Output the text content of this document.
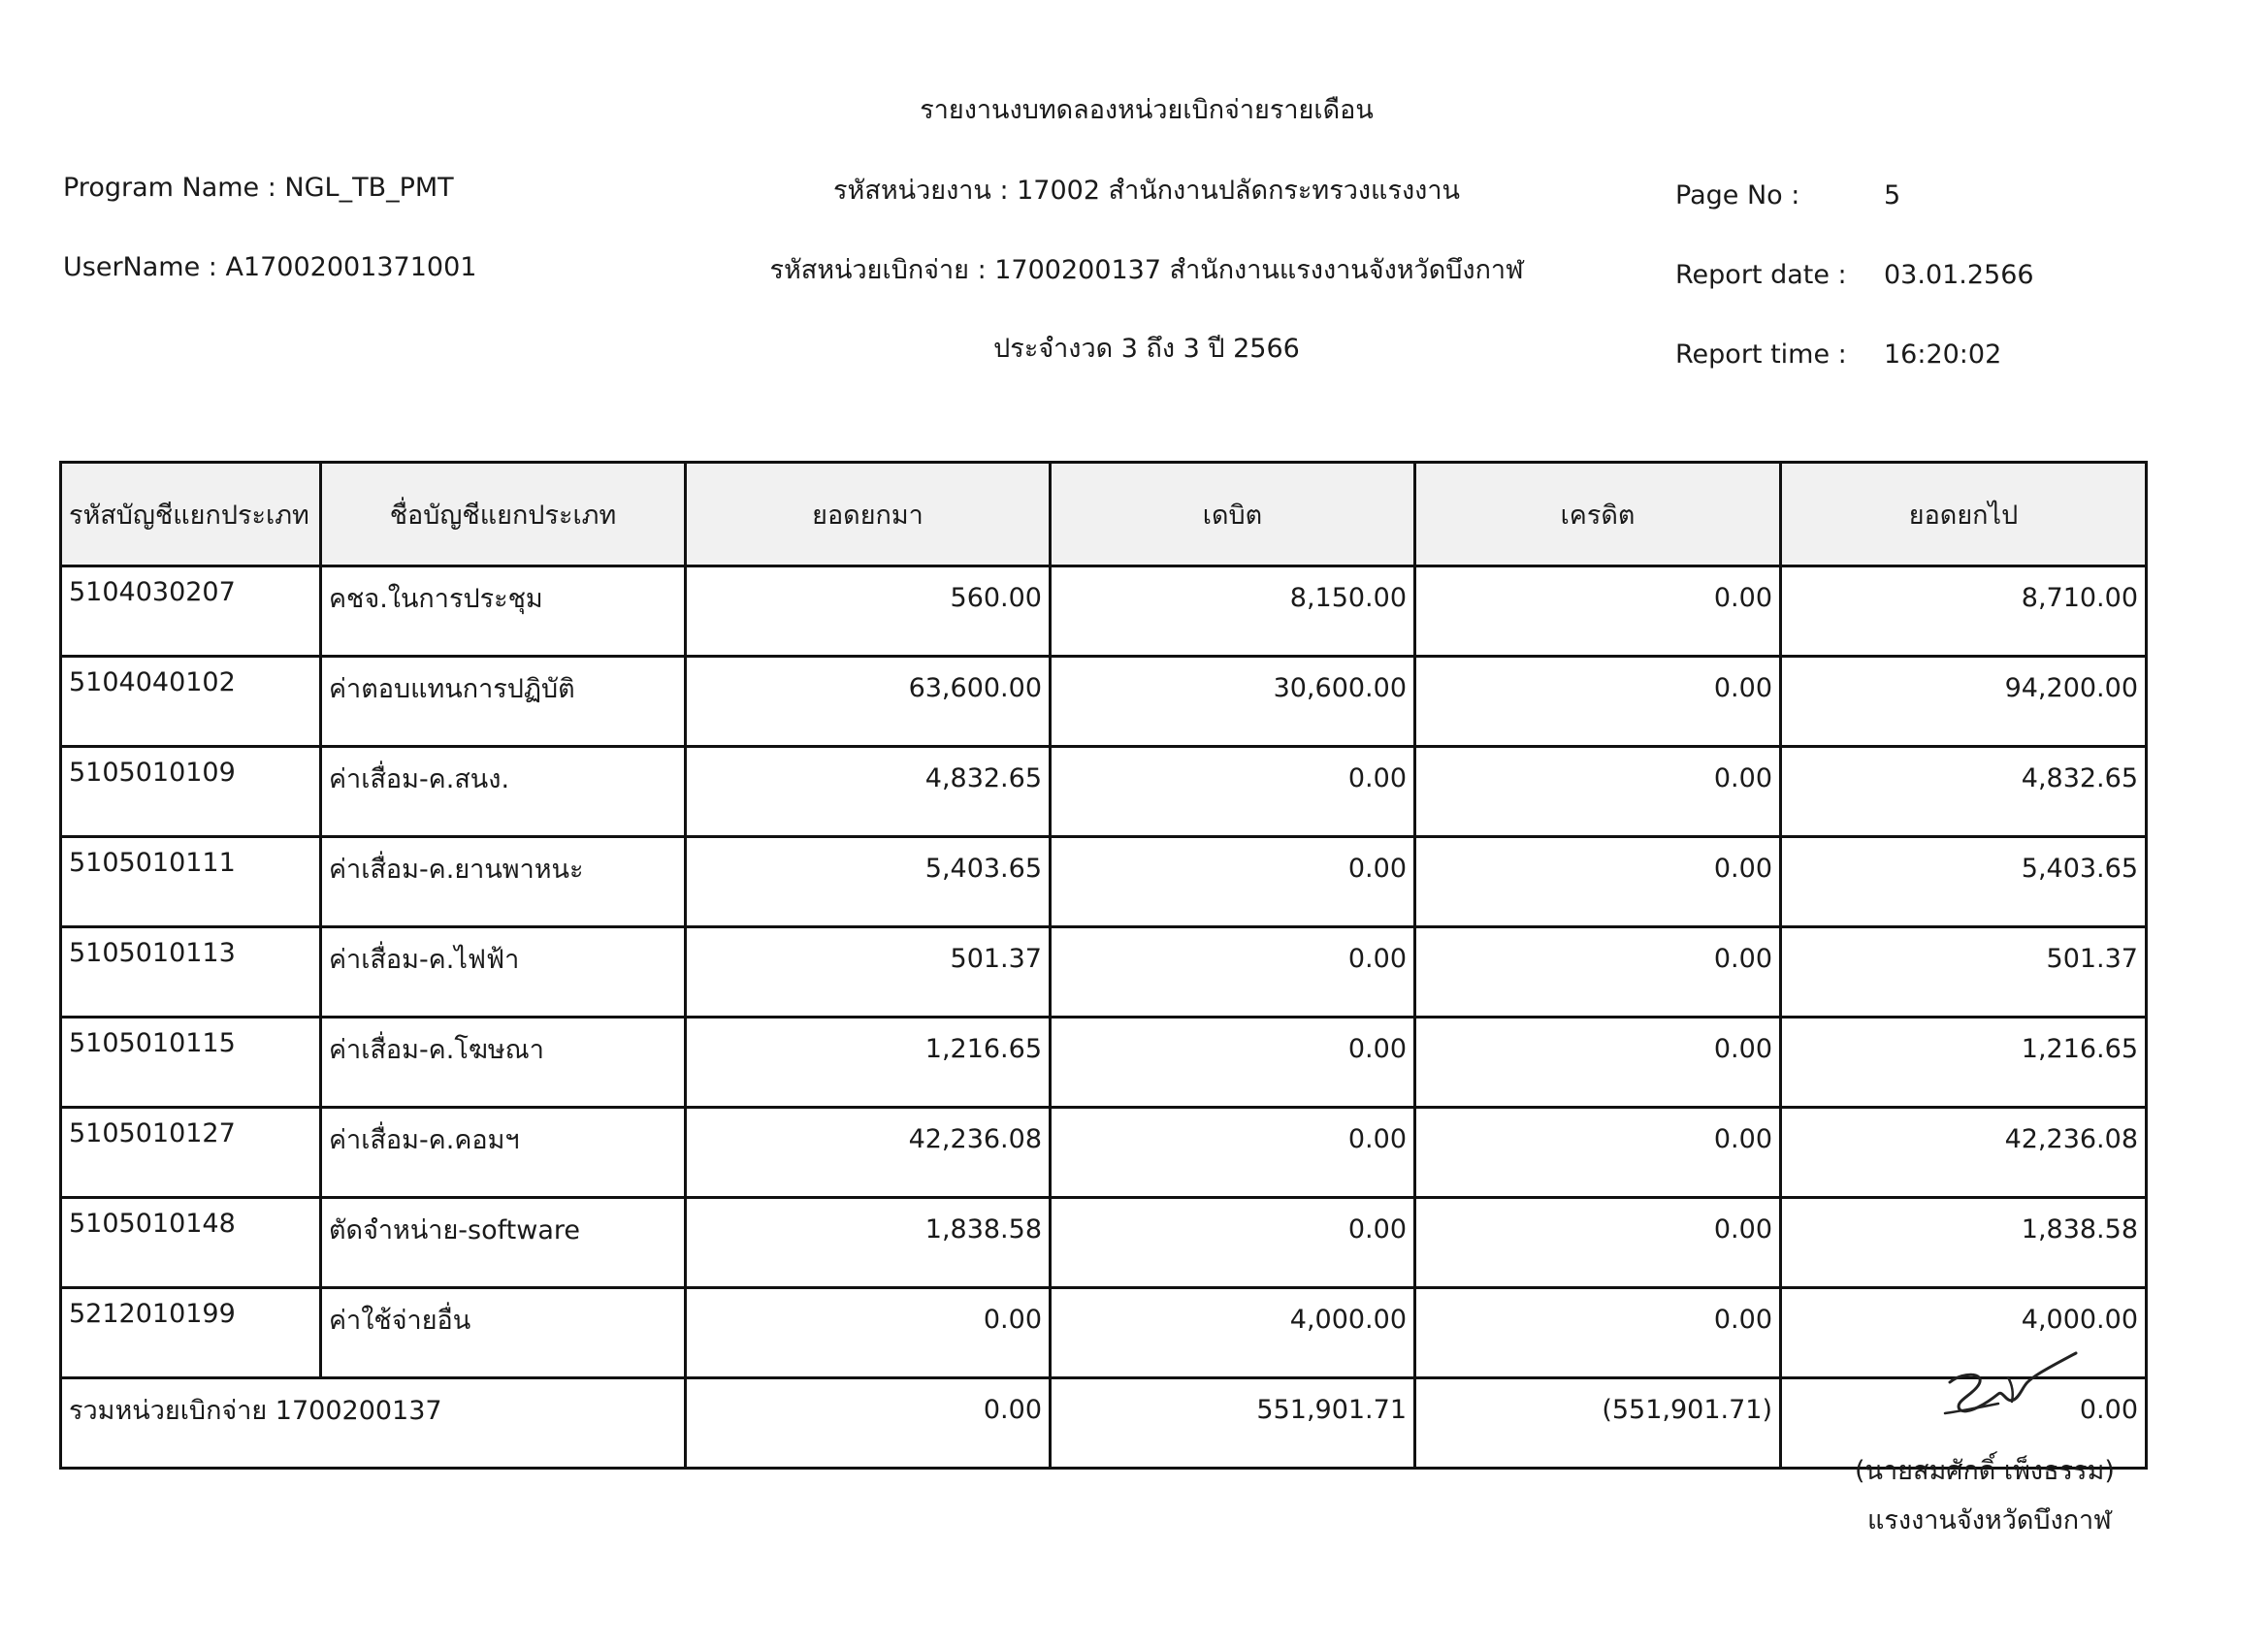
รายงานงบทดลองหน่วยเบิกจ่ายรายเดือน
Program Name : NGL_TB_PMT	รหัสหน่วยงาน : 17002 สำนักงานปลัดกระทรวงแรงงาน	Page No :	5
UserName : A17002001371001	รหัสหน่วยเบิกจ่าย : 1700200137 สำนักงานแรงงานจังหวัดบึงกาฬ	Report date : 03.01.2566
ประจำงวด 3 ถึง 3 ปี 2566	Report time : 16:20:02
รหัสบัญชีแยกประเภท	ชื่อบัญชีแยกประเภท	ยอดยกมา	เดบิต	เครดิต	ยอดยกไป
5104030207	คชจ.ในการประชุม	560.00	8,150.00	0.00	8,710.00
5104040102	ค่าตอบแทนการปฏิบัติ	63,600.00	30,600.00	0.00	94,200.00
5105010109	ค่าเสื่อม-ค.สนง.	4,832.65	0.00	0.00	4,832.65
5105010111	ค่าเสื่อม-ค.ยานพาหนะ	5,403.65	0.00	0.00	5,403.65
5105010113	ค่าเสื่อม-ค.ไฟฟ้า	501.37	0.00	0.00	501.37
5105010115	ค่าเสื่อม-ค.โฆษณา	1,216.65	0.00	0.00	1,216.65
5105010127	ค่าเสื่อม-ค.คอมฯ	42,236.08	0.00	0.00	42,236.08
5105010148	ตัดจำหน่าย-software	1,838.58	0.00	0.00	1,838.58
5212010199	ค่าใช้จ่ายอื่น	0.00	4,000.00	0.00	4,000.00
รวมหน่วยเบิกจ่าย 1700200137		0.00	551,901.71	(551,901.71)	0.00
(นายสมศักดิ์ เพ็งธรรม)
แรงงานจังหวัดบึงกาฬ
